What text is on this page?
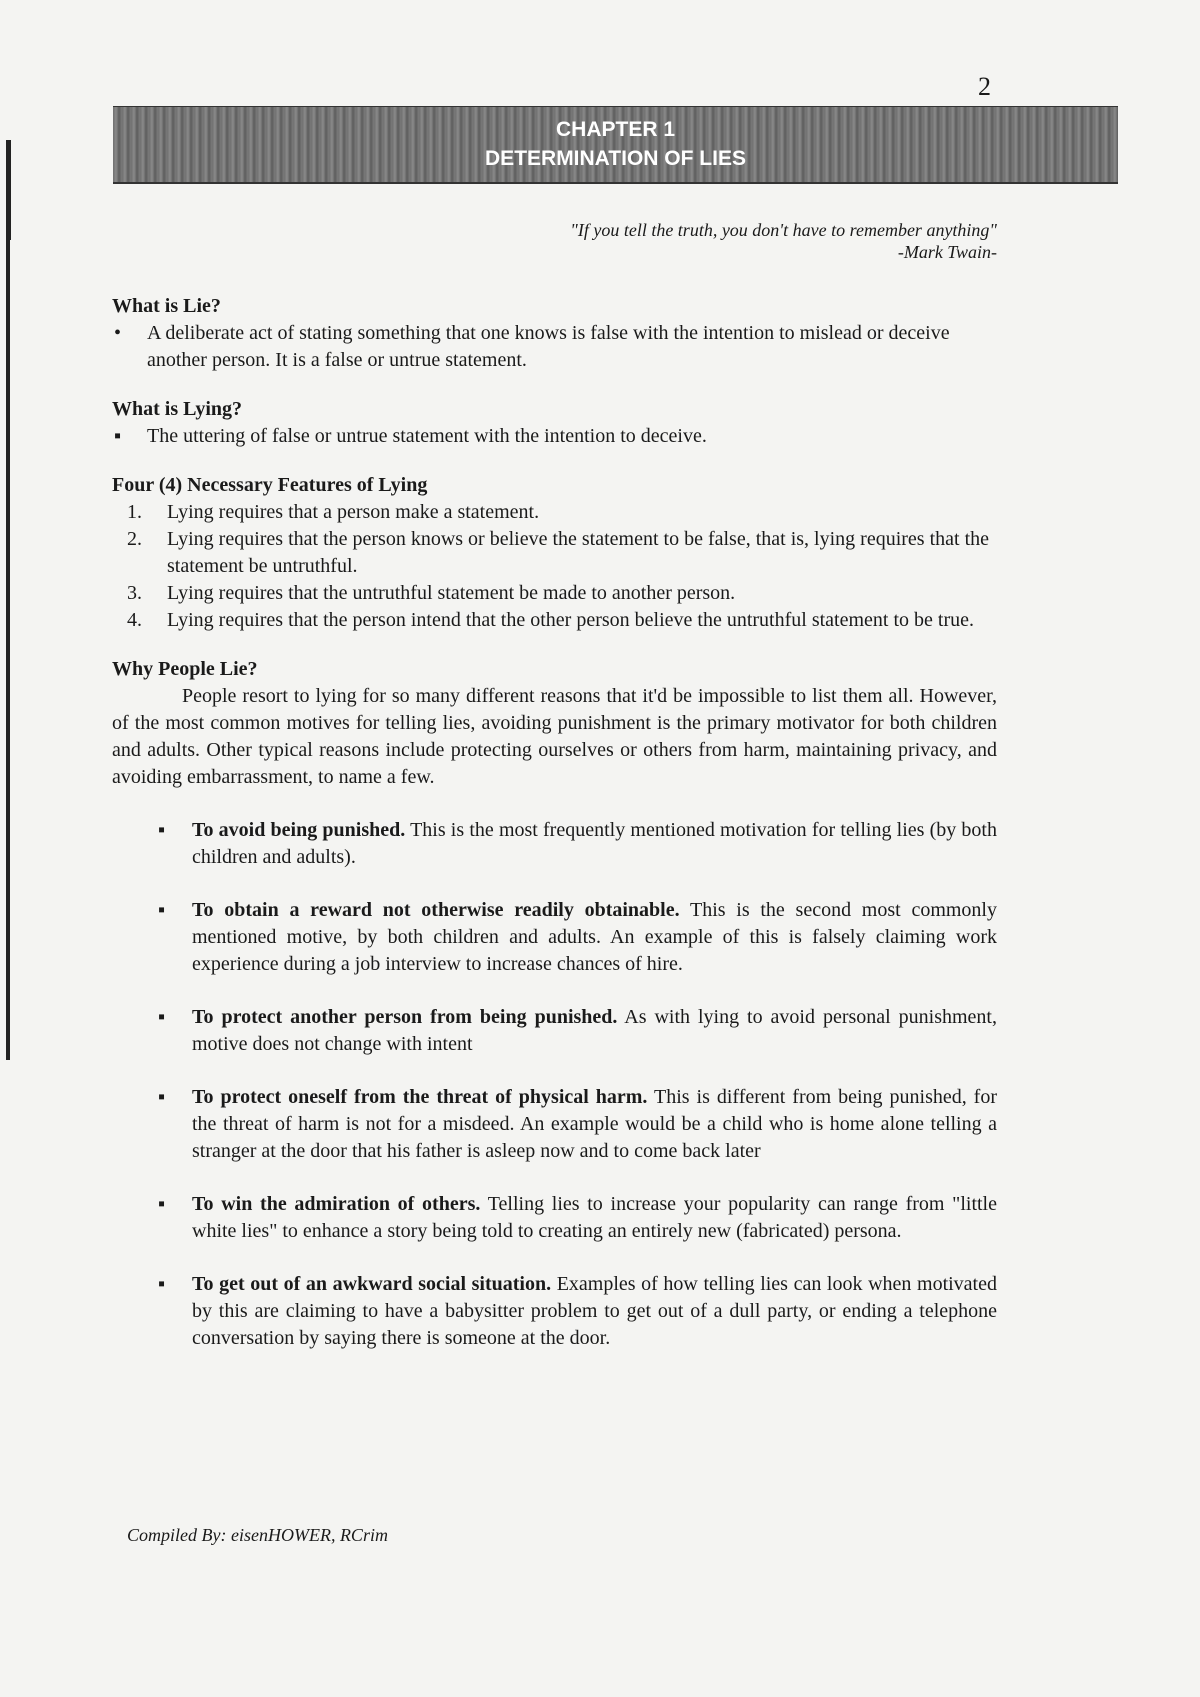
2
CHAPTER 1
DETERMINATION OF LIES
"If you tell the truth, you don't have to remember anything"
-Mark Twain-
What is Lie?
• A deliberate act of stating something that one knows is false with the intention to mislead or deceive another person. It is a false or untrue statement.
What is Lying?
▪ The uttering of false or untrue statement with the intention to deceive.
Four (4) Necessary Features of Lying
1. Lying requires that a person make a statement.
2. Lying requires that the person knows or believe the statement to be false, that is, lying requires that the statement be untruthful.
3. Lying requires that the untruthful statement be made to another person.
4. Lying requires that the person intend that the other person believe the untruthful statement to be true.
Why People Lie?

People resort to lying for so many different reasons that it'd be impossible to list them all. However, of the most common motives for telling lies, avoiding punishment is the primary motivator for both children and adults. Other typical reasons include protecting ourselves or others from harm, maintaining privacy, and avoiding embarrassment, to name a few.

▪ To avoid being punished. This is the most frequently mentioned motivation for telling lies (by both children and adults).
▪ To obtain a reward not otherwise readily obtainable. This is the second most commonly mentioned motive, by both children and adults. An example of this is falsely claiming work experience during a job interview to increase chances of hire.
▪ To protect another person from being punished. As with lying to avoid personal punishment, motive does not change with intent
▪ To protect oneself from the threat of physical harm. This is different from being punished, for the threat of harm is not for a misdeed. An example would be a child who is home alone telling a stranger at the door that his father is asleep now and to come back later
▪ To win the admiration of others. Telling lies to increase your popularity can range from "little white lies" to enhance a story being told to creating an entirely new (fabricated) persona.
▪ To get out of an awkward social situation. Examples of how telling lies can look when motivated by this are claiming to have a babysitter problem to get out of a dull party, or ending a telephone conversation by saying there is someone at the door.
Compiled By: eisenHOWER, RCrim
